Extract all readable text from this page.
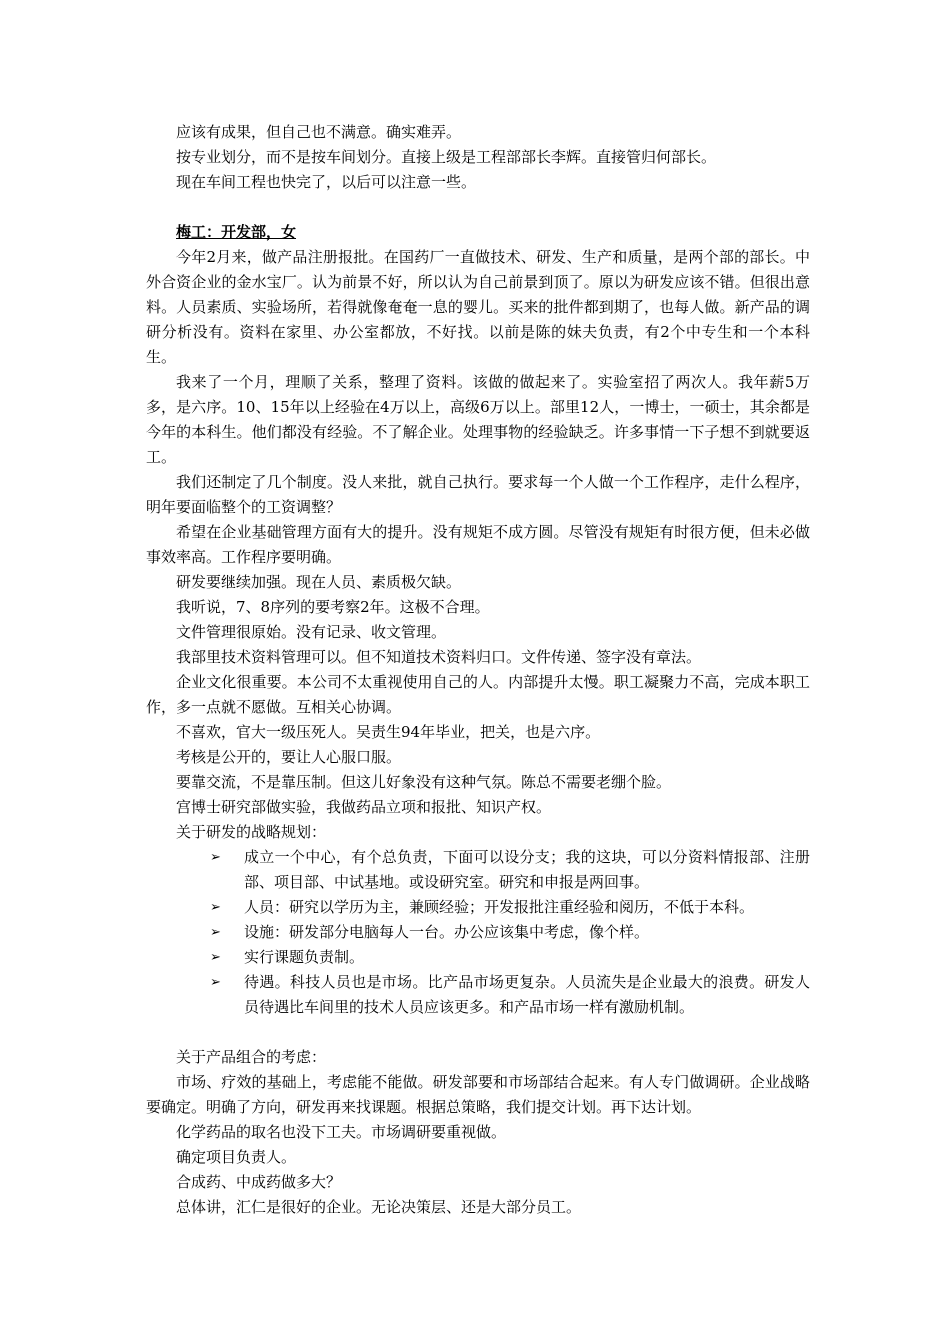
应该有成果，但自己也不满意。确实难弄。

按专业划分，而不是按车间划分。直接上级是工程部部长李辉。直接管归何部长。

现在车间工程也快完了，以后可以注意一些。

梅工：开发部，女

今年2月来，做产品注册报批。在国药厂一直做技术、研发、生产和质量，是两个部的部长。中外合资企业的金水宝厂。认为前景不好，所以认为自己前景到顶了。原以为研发应该不错。但很出意料。人员素质、实验场所，若得就像奄奄一息的婴儿。买来的批件都到期了，也每人做。新产品的调研分析没有。资料在家里、办公室都放，不好找。以前是陈的妹夫负责，有2个中专生和一个本科生。

我来了一个月，理顺了关系，整理了资料。该做的做起来了。实验室招了两次人。我年薪5万多，是六序。10、15年以上经验在4万以上，高级6万以上。部里12人，一博士，一硕士，其余都是今年的本科生。他们都没有经验。不了解企业。处理事物的经验缺乏。许多事情一下子想不到就要返工。

我们还制定了几个制度。没人来批，就自己执行。要求每一个人做一个工作程序，走什么程序，明年要面临整个的工资调整？

希望在企业基础管理方面有大的提升。没有规矩不成方圆。尽管没有规矩有时很方便，但未必做事效率高。工作程序要明确。

研发要继续加强。现在人员、素质极欠缺。

我听说，7、8序列的要考察2年。这极不合理。

文件管理很原始。没有记录、收文管理。

我部里技术资料管理可以。但不知道技术资料归口。文件传递、签字没有章法。

企业文化很重要。本公司不太重视使用自己的人。内部提升太慢。职工凝聚力不高，完成本职工作，多一点就不愿做。互相关心协调。

不喜欢，官大一级压死人。吴责生94年毕业，把关，也是六序。

考核是公开的，要让人心服口服。

要靠交流，不是靠压制。但这儿好象没有这种气氛。陈总不需要老绷个脸。

宫博士研究部做实验，我做药品立项和报批、知识产权。

关于研发的战略规划：

➢ 成立一个中心，有个总负责，下面可以设分支；我的这块，可以分资料情报部、注册部、项目部、中试基地。或设研究室。研究和申报是两回事。
➢ 人员：研究以学历为主，兼顾经验；开发报批注重经验和阅历，不低于本科。
➢ 设施：研发部分电脑每人一台。办公应该集中考虑，像个样。
➢ 实行课题负责制。
➢ 待遇。科技人员也是市场。比产品市场更复杂。人员流失是企业最大的浪费。研发人员待遇比车间里的技术人员应该更多。和产品市场一样有激励机制。

关于产品组合的考虑：

市场、疗效的基础上，考虑能不能做。研发部要和市场部结合起来。有人专门做调研。企业战略要确定。明确了方向，研发再来找课题。根据总策略，我们提交计划。再下达计划。

化学药品的取名也没下工夫。市场调研要重视做。

确定项目负责人。

合成药、中成药做多大？

总体讲，汇仁是很好的企业。无论决策层、还是大部分员工。
